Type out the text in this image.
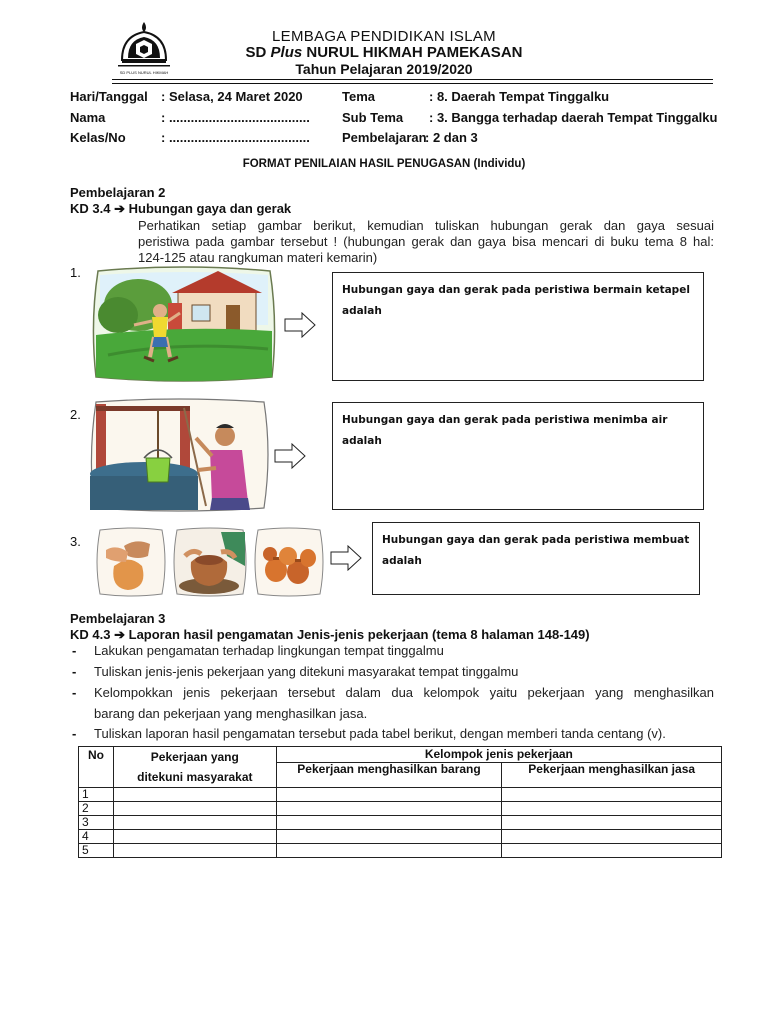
SD PLUS NURUL HIKMAH
LEMBAGA PENDIDIKAN ISLAM
SD Plus NURUL HIKMAH PAMEKASAN
Tahun Pelajaran 2019/2020
Hari/Tanggal : Selasa, 24 Maret 2020
Nama	: .......................................
Kelas/No	: .......................................
Tema	: 8. Daerah Tempat Tinggalku
Sub Tema : 3. Bangga terhadap daerah Tempat Tinggalku
Pembelajaran
: 2 dan 3
FORMAT PENILAIAN HASIL PENUGASAN (Individu)
Pembelajaran 2
KD 3.4 ➔ Hubungan gaya dan gerak
Perhatikan setiap gambar berikut, kemudian tuliskan hubungan gerak dan gaya sesuai
peristiwa pada gambar tersebut ! (hubungan gerak dan gaya bisa mencari di buku tema 8 hal:
124-125 atau rangkuman materi kemarin)
1.
Hubungan gaya dan gerak pada peristiwa bermain ketapel
adalah
2.	Hubungan gaya dan gerak pada peristiwa menimba air adalah
3.	Hubungan gaya dan gerak pada peristiwa membuat
adalah
Pembelajaran 3
KD 4.3 ➔ Laporan hasil pengamatan Jenis-jenis pekerjaan (tema 8 halaman 148-149)
- Lakukan pengamatan terhadap lingkungan tempat tinggalmu
- Tuliskan jenis-jenis pekerjaan yang ditekuni masyarakat tempat tinggalmu
- Kelompokkan jenis pekerjaan tersebut dalam dua kelompok yaitu pekerjaan yang menghasilkan
barang dan pekerjaan yang menghasilkan jasa.
- Tuliskan laporan hasil pengamatan tersebut pada tabel berikut, dengan memberi tanda centang (v).
No	Pekerjaan yang
ditekuni masyarakat	Kelompok jenis pekerjaan	
		Pekerjaan menghasilkan barang	Pekerjaan menghasilkan jasa
1			
2			
3			
4			
5			
